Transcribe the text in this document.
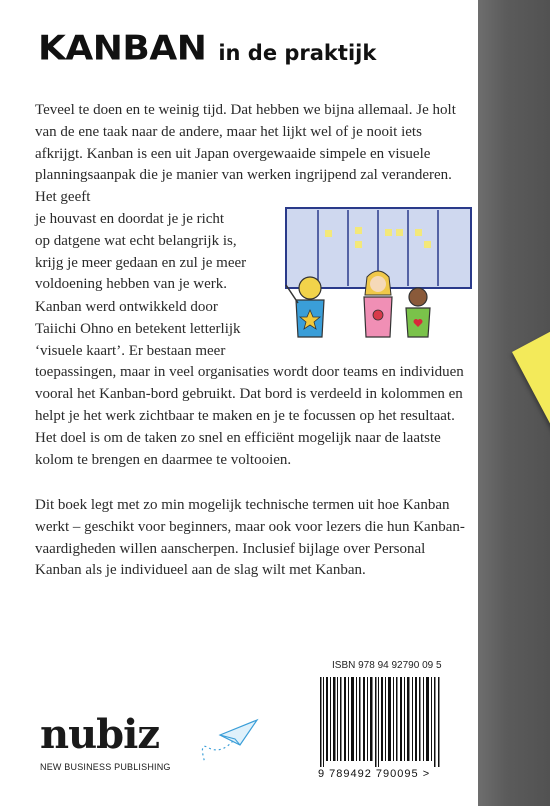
KANBAN in de praktijk
Teveel te doen en te weinig tijd. Dat hebben we bijna allemaal. Je holt van de ene taak naar de andere, maar het lijkt wel of je nooit iets afkrijgt. Kanban is een uit Japan overgewaaide simpele en visuele planningsaanpak die je manier van werken ingrijpend zal veranderen. Het geeft
je houvast en doordat je je richt
op datgene wat echt belangrijk is,
krijg je meer gedaan en zul je meer
voldoening hebben van je werk.
Kanban werd ontwikkeld door
Taiichi Ohno en betekent letterlijk
‘visuele kaart’. Er bestaan meer
toepassingen, maar in veel organisaties wordt door teams en individuen vooral het Kanban-bord gebruikt. Dat bord is verdeeld in kolommen en helpt je het werk zichtbaar te maken en je te focussen op het resultaat. Het doel is om de taken zo snel en efficiënt mogelijk naar de laatste kolom te brengen en daarmee te voltooien.
Dit boek legt met zo min mogelijk technische termen uit hoe Kanban werkt – geschikt voor beginners, maar ook voor lezers die hun Kanban-vaardigheden willen aanscherpen. Inclusief bijlage over Personal Kanban als je individueel aan de slag wilt met Kanban.
ISBN 978 94 92790 09 5
9 789492 790095 >
nubiz
NEW BUSINESS PUBLISHING
